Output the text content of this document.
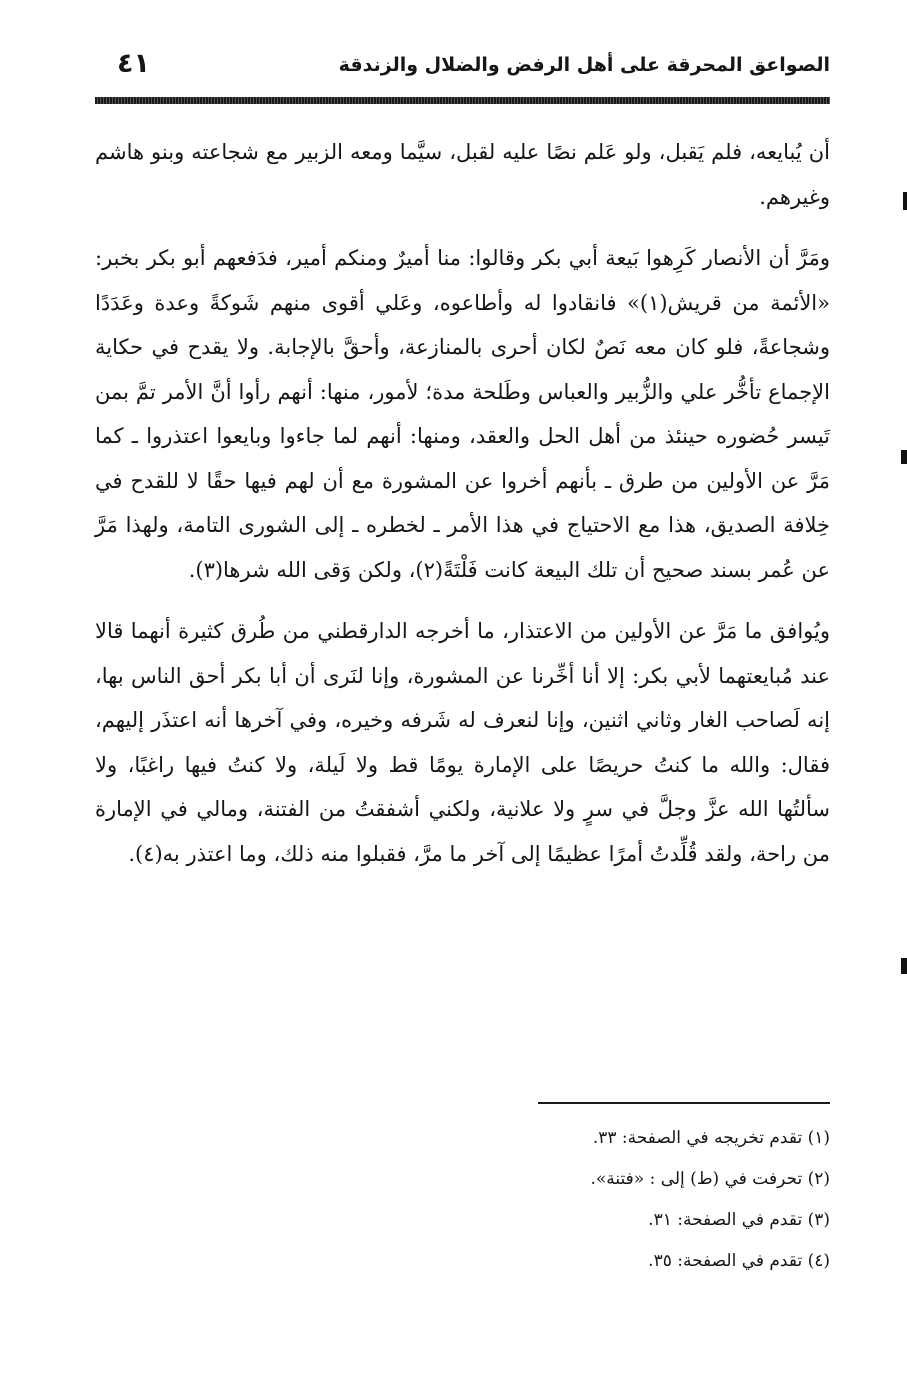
الصواعق المحرقة على أهل الرفض والضلال والزندقة
٤١

أن يُبايعه، فلم يَقبل، ولو عَلم نصًا عليه لقبل، سيَّما ومعه الزبير مع شجاعته وبنو هاشم وغيرهم.

ومَرَّ أن الأنصار كَرِهوا بَيعة أبي بكر وقالوا: منا أميرٌ ومنكم أمير، فدَفعهم أبو بكر بخبر: «الأئمة من قريش(١)» فانقادوا له وأطاعوه، وعَلي أقوى منهم شَوكةً وعدة وعَدَدًا وشجاعةً، فلو كان معه نَصٌ لكان أحرى بالمنازعة، وأحقَّ بالإجابة. ولا يقدح في حكاية الإجماع تأخُّر علي والزُّبير والعباس وطَلحة مدة؛ لأمور، منها: أنهم رأوا أنَّ الأمر تمَّ بمن تَيسر حُضوره حينئذ من أهل الحل والعقد، ومنها: أنهم لما جاءوا وبايعوا اعتذروا ـ كما مَرَّ عن الأولين من طرق ـ بأنهم أخروا عن المشورة مع أن لهم فيها حقًا لا للقدح في خِلافة الصديق، هذا مع الاحتياج في هذا الأمر ـ لخطره ـ إلى الشورى التامة، ولهذا مَرَّ عن عُمر بسند صحيح أن تلك البيعة كانت فَلْتَةً(٢)، ولكن وَقى الله شرها(٣).

ويُوافق ما مَرَّ عن الأولين من الاعتذار، ما أخرجه الدارقطني من طُرق كثيرة أنهما قالا عند مُبايعتهما لأبي بكر: إلا أنا أخِّرنا عن المشورة، وإنا لنَرى أن أبا بكر أحق الناس بها، إنه لَصاحب الغار وثاني اثنين، وإنا لنعرف له شَرفه وخيره، وفي آخرها أنه اعتذَر إليهم، فقال: والله ما كنتُ حريصًا على الإمارة يومًا قط ولا لَيلة، ولا كنتُ فيها راغبًا، ولا سألتُها الله عزَّ وجلَّ في سرٍ ولا علانية، ولكني أشفقتُ من الفتنة، ومالي في الإمارة من راحة، ولقد قُلِّدتُ أمرًا عظيمًا إلى آخر ما مرَّ، فقبلوا منه ذلك، وما اعتذر به(٤).

(١) تقدم تخريجه في الصفحة: ٣٣.
(٢) تحرفت في (ط) إلى : «فتنة».
(٣) تقدم في الصفحة: ٣١.
(٤) تقدم في الصفحة: ٣٥.
